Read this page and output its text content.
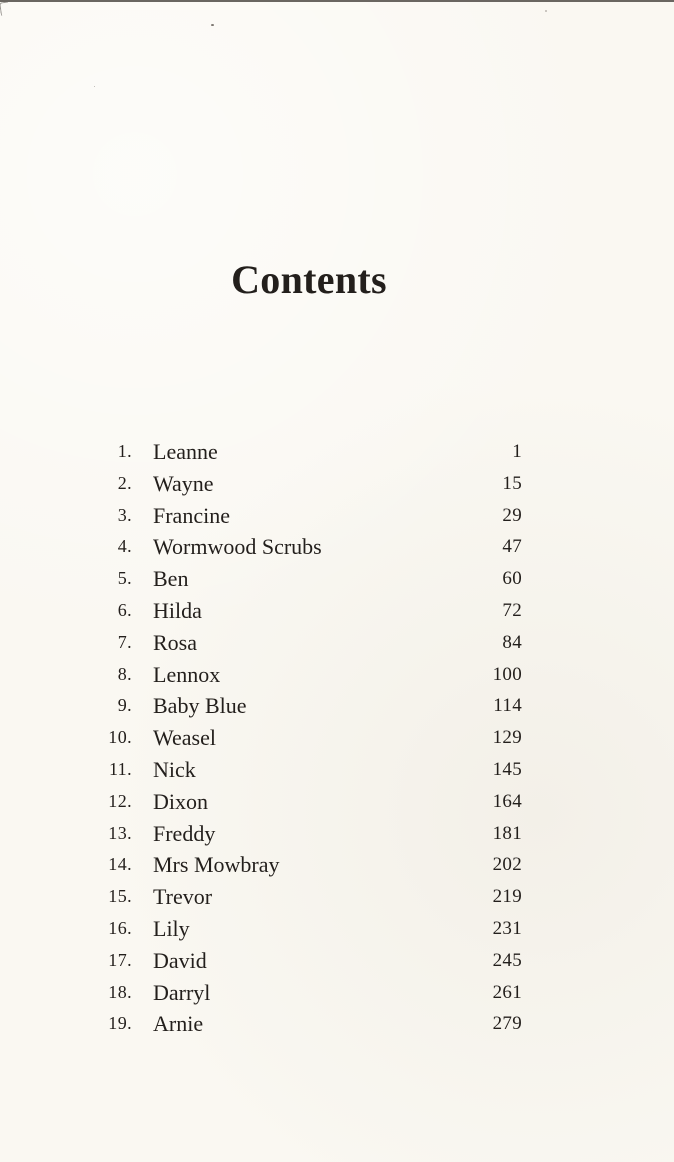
Contents
1. Leanne	1
2. Wayne	15
3. Francine	29
4. Wormwood Scrubs	47
5. Ben	60
6. Hilda	72
7. Rosa	84
8. Lennox	100
9. Baby Blue	114
10. Weasel	129
11. Nick	145
12. Dixon	164
13. Freddy	181
14. Mrs Mowbray	202
15. Trevor	219
16. Lily	231
17. David	245
18. Darryl	261
19. Arnie	279
